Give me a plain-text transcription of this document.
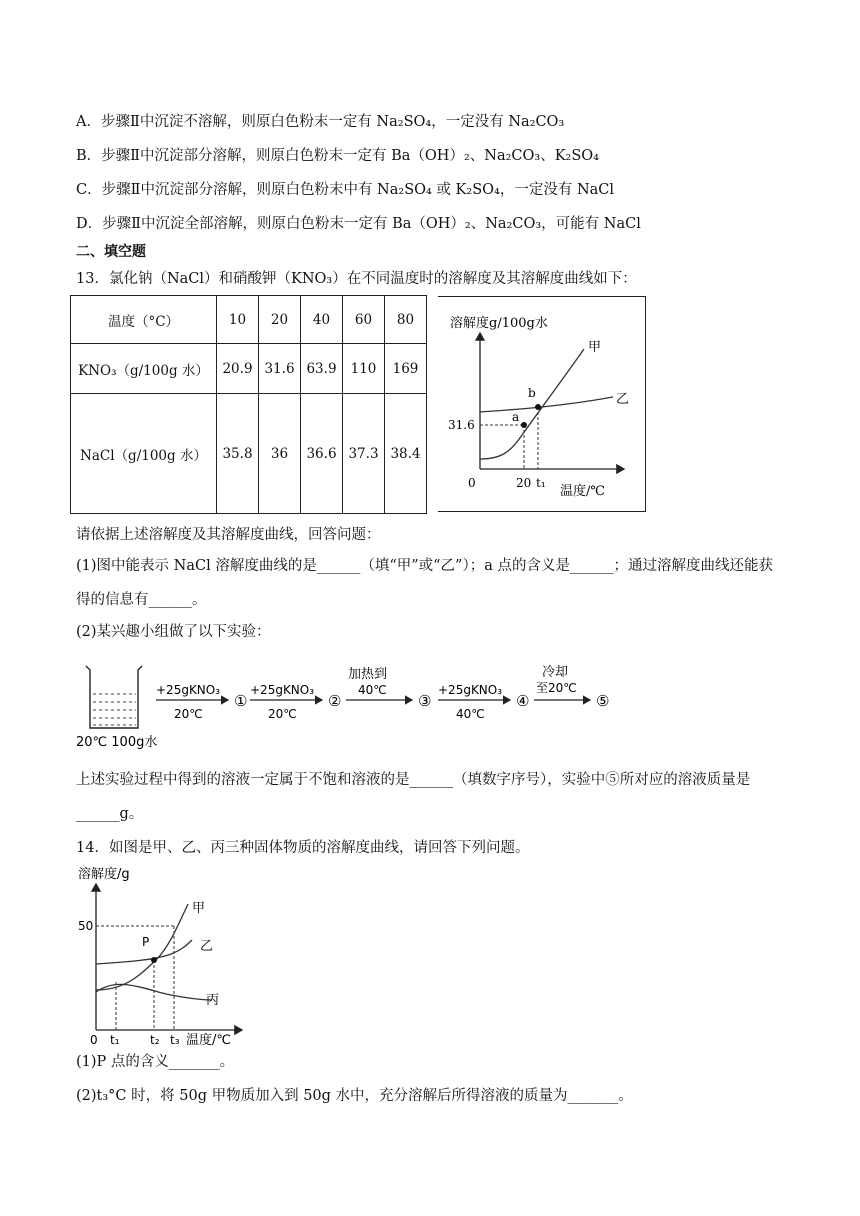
A．步骤Ⅱ中沉淀不溶解，则原白色粉末一定有 Na₂SO₄，一定没有 Na₂CO₃
B．步骤Ⅱ中沉淀部分溶解，则原白色粉末一定有 Ba（OH）₂、Na₂CO₃、K₂SO₄
C．步骤Ⅱ中沉淀部分溶解，则原白色粉末中有 Na₂SO₄ 或 K₂SO₄，一定没有 NaCl
D．步骤Ⅱ中沉淀全部溶解，则原白色粉末一定有 Ba（OH）₂、Na₂CO₃，可能有 NaCl
二、填空题
13．氯化钠（NaCl）和硝酸钾（KNO₃）在不同温度时的溶解度及其溶解度曲线如下：
温度（°C）	10	20	40	60	80
KNO₃（g/100g 水）	20.9	31.6	63.9	110	169
NaCl（g/100g 水）	35.8	36	36.6	37.3	38.4
溶解度g/100g水
a
b
甲
乙
31.6
0	20 t₁
温度/℃
请依据上述溶解度及其溶解度曲线，回答问题：
(1)图中能表示 NaCl 溶解度曲线的是______（填“甲”或“乙”）；a 点的含义是______；通过溶解度曲线还能获
得的信息有______。
(2)某兴趣小组做了以下实验：
20℃ 100g水
+25gKNO₃
20℃
①
+25gKNO₃
20℃
②
加热到
40℃
③
+25gKNO₃
40℃
④
冷却
至20℃
⑤
上述实验过程中得到的溶液一定属于不饱和溶液的是______（填数字序号），实验中⑤所对应的溶液质量是
______g。
14．如图是甲、乙、丙三种固体物质的溶解度曲线，请回答下列问题。
溶解度/g
P
甲
乙
丙
50
0 t₁	t₂ t₃ 温度/℃
(1)P 点的含义_______。
(2)t₃°C 时，将 50g 甲物质加入到 50g 水中，充分溶解后所得溶液的质量为_______。
